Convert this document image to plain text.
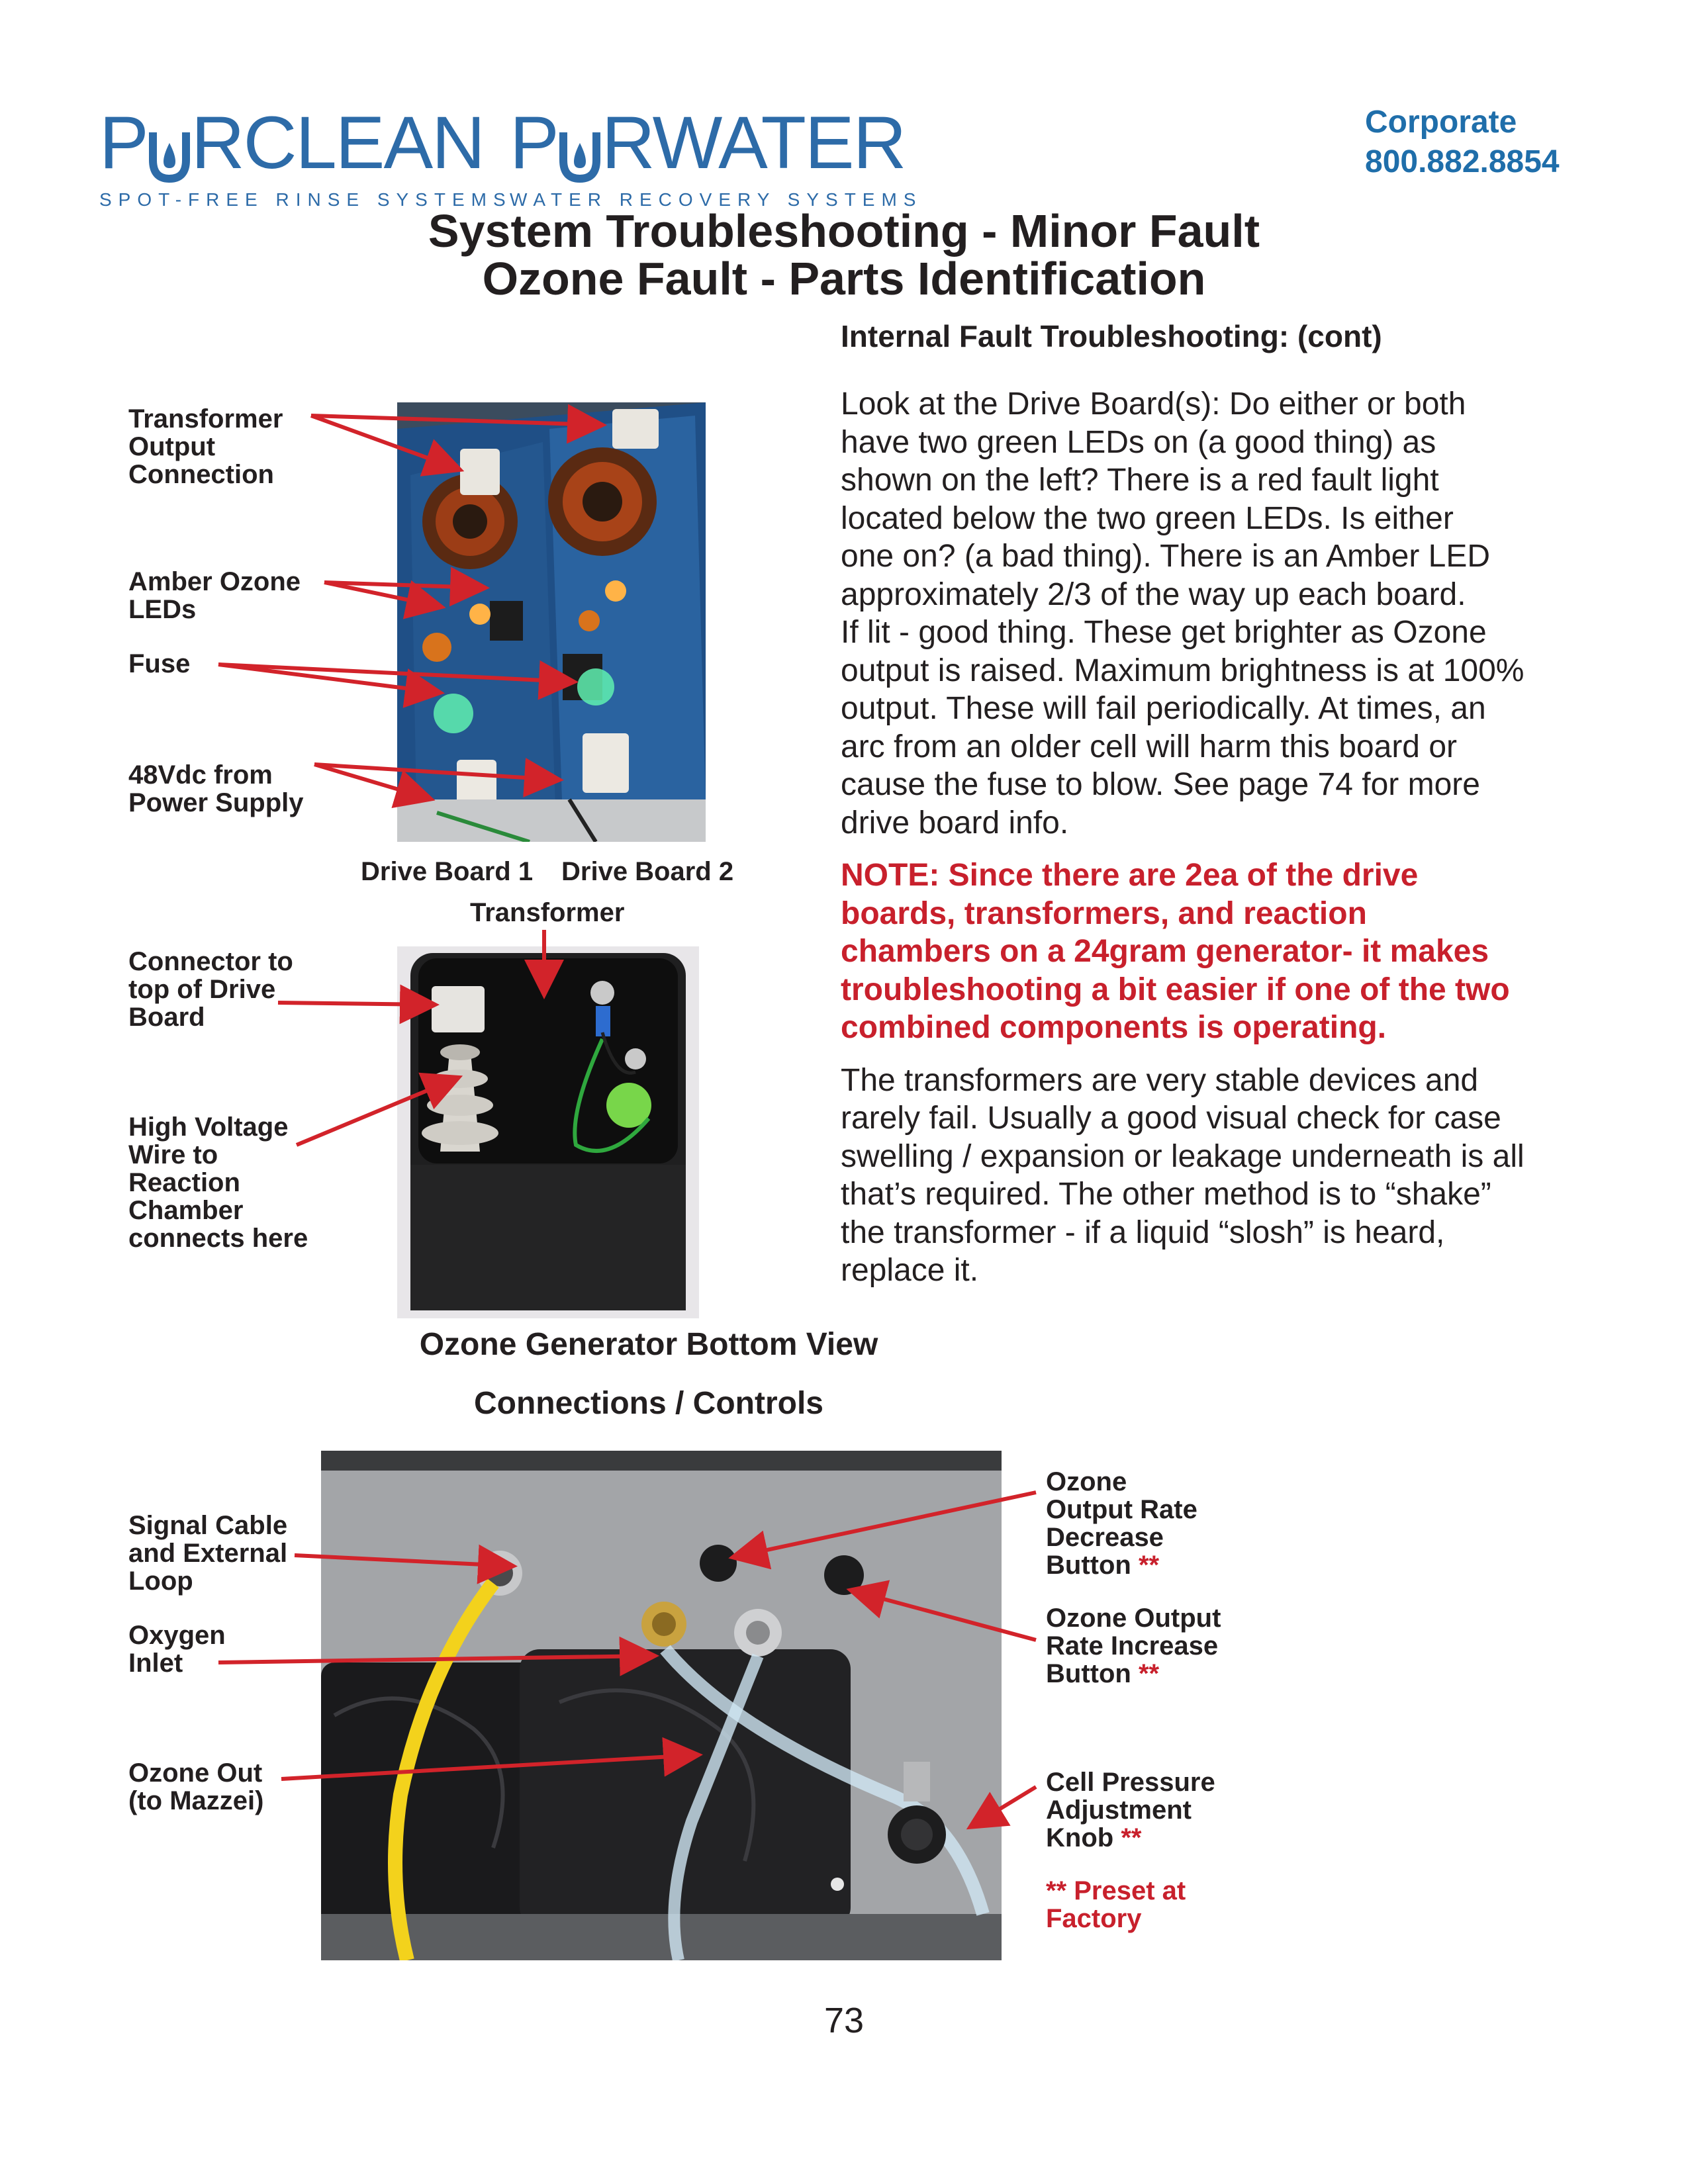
P RCLEAN
SPOT-FREE RINSE SYSTEMS
P RWATER
WATER RECOVERY SYSTEMS
Corporate
800.882.8854
System Troubleshooting - Minor Fault
Ozone Fault - Parts Identification
Internal Fault Troubleshooting: (cont)
Look at the Drive Board(s): Do either or both
have two green LEDs on (a good thing) as
shown on the left? There is a red fault light
located below the two green LEDs. Is either
one on? (a bad thing). There is an Amber LED
approximately 2/3 of the way up each board.
If lit - good thing. These get brighter as Ozone
output is raised. Maximum brightness is at 100%
output. These will fail periodically. At times, an
arc from an older cell will harm this board or
cause the fuse to blow. See page 74 for more
drive board info.
NOTE: Since there are 2ea of the drive
boards, transformers, and reaction
chambers on a 24gram generator- it makes
troubleshooting a bit easier if one of the two
combined components is operating.
The transformers are very stable devices and
rarely fail. Usually a good visual check for case
swelling / expansion or leakage underneath is all
that’s required. The other method is to “shake”
the transformer - if a liquid “slosh” is heard,
replace it.
Transformer
Output
Connection
Amber Ozone
LEDs
Fuse
48Vdc from
Power Supply
Drive Board 1 Drive Board 2
Transformer
Connector to
top of Drive
Board
High Voltage
Wire to
Reaction
Chamber
connects here
Ozone Generator Bottom View
Connections / Controls
Signal Cable
and External
Loop
Oxygen
Inlet
Ozone Out
(to Mazzei)
Ozone
Output Rate
Decrease
Button **
Ozone Output
Rate Increase
Button **
Cell Pressure
Adjustment
Knob **
** Preset at
Factory
73
